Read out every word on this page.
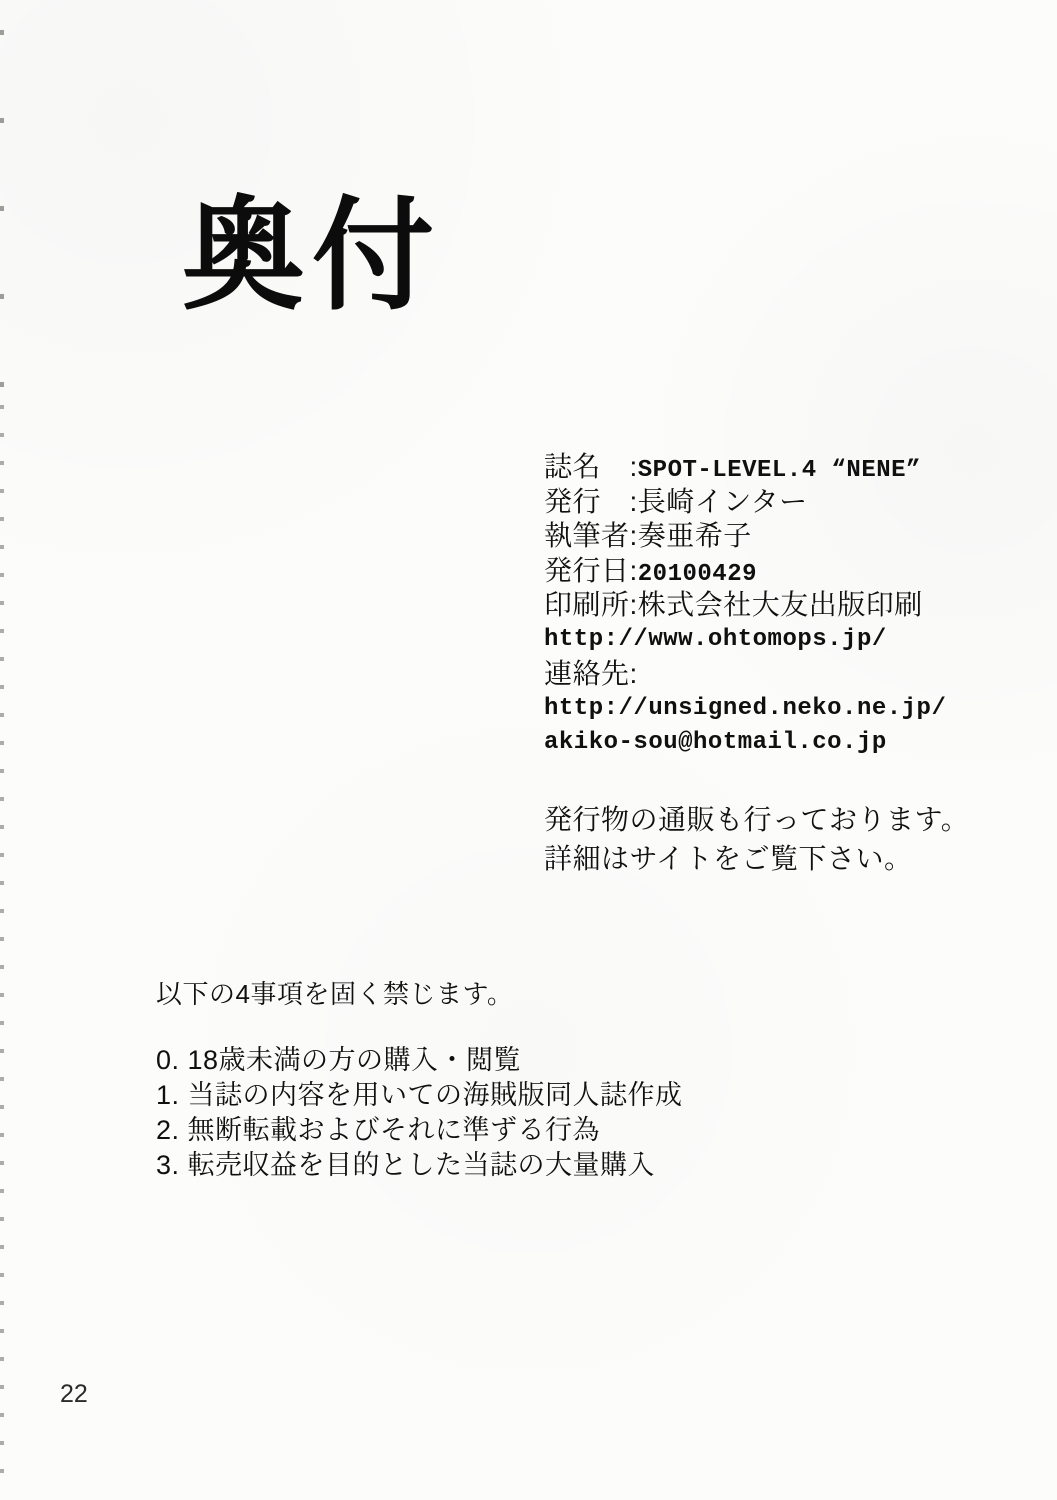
奥付
誌名　:SPOT-LEVEL.4 “NENE”
発行　:長崎インター
執筆者:奏亜希子
発行日:20100429
印刷所:株式会社大友出版印刷
http://www.ohtomops.jp/
連絡先:
http://unsigned.neko.ne.jp/
akiko-sou@hotmail.co.jp
発行物の通販も行っております。
詳細はサイトをご覧下さい。
以下の4事項を固く禁じます。
0. 18歳未満の方の購入・閲覧
1. 当誌の内容を用いての海賊版同人誌作成
2. 無断転載およびそれに準ずる行為
3. 転売収益を目的とした当誌の大量購入
22
